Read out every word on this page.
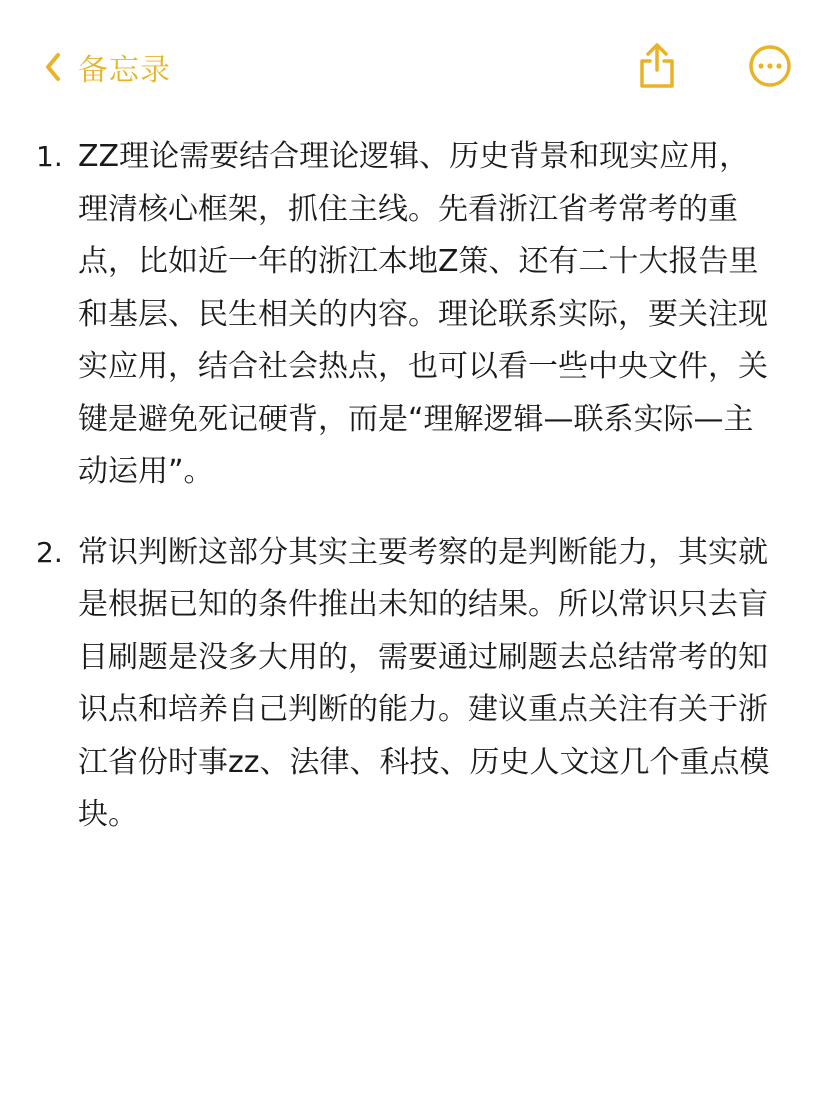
备忘录
1. ZZ理论需要结合理论逻辑、历史背景和现实应用，理清核心框架，抓住主线。先看浙江省考常考的重点，比如近一年的浙江本地Z策、还有二十大报告里和基层、民生相关的内容。理论联系实际，要关注现实应用，结合社会热点，也可以看一些中央文件，关键是避免死记硬背，而是“理解逻辑—联系实际—主动运用”。
2. 常识判断这部分其实主要考察的是判断能力，其实就是根据已知的条件推出未知的结果。所以常识只去盲目刷题是没多大用的，需要通过刷题去总结常考的知识点和培养自己判断的能力。建议重点关注有关于浙江省份时事zz、法律、科技、历史人文这几个重点模块。
